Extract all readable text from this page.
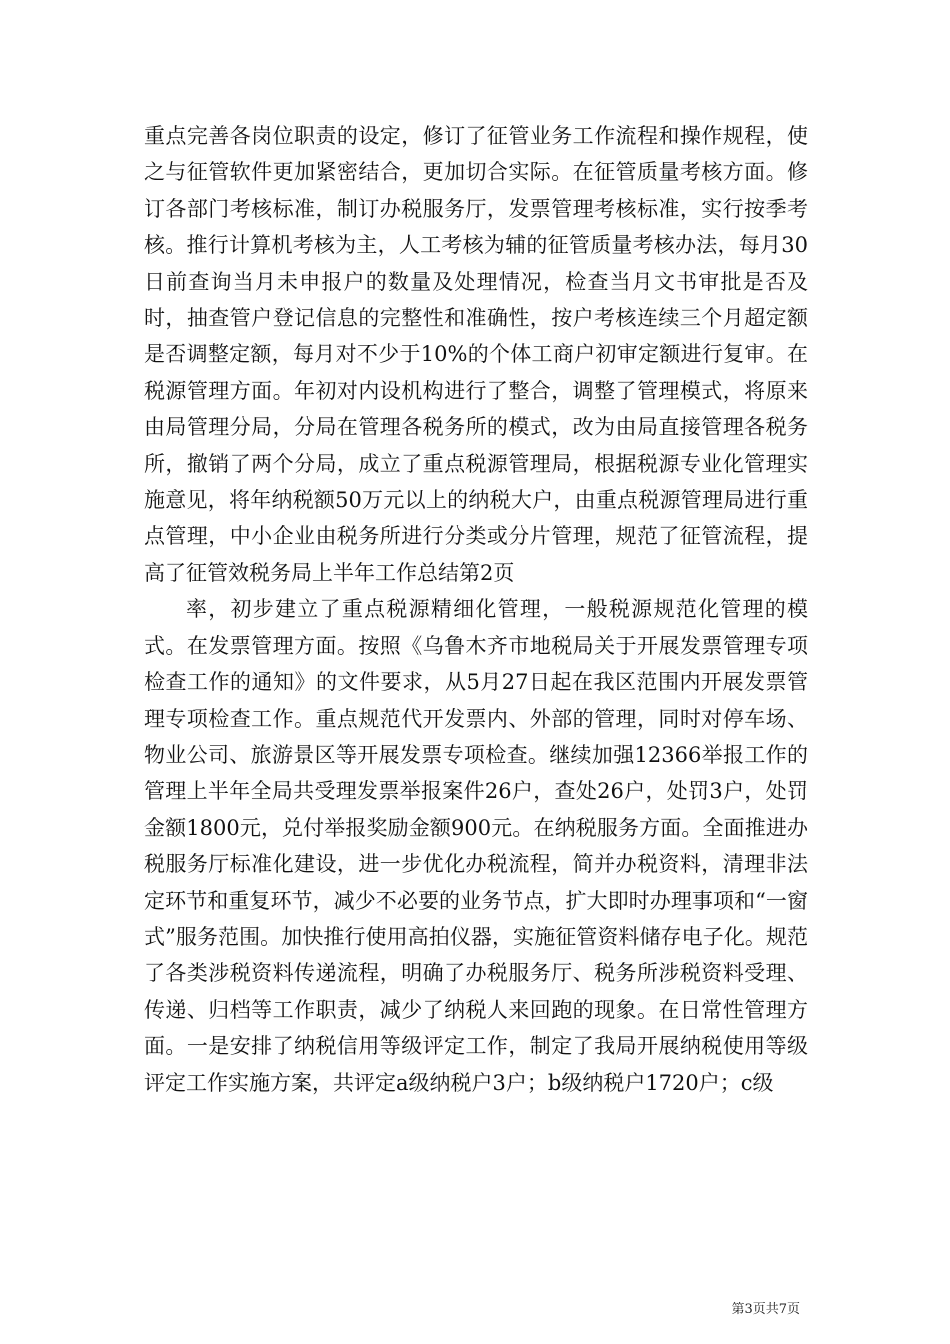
重点完善各岗位职责的设定，修订了征管业务工作流程和操作规程，使之与征管软件更加紧密结合，更加切合实际。在征管质量考核方面。修订各部门考核标准，制订办税服务厅，发票管理考核标准，实行按季考核。推行计算机考核为主，人工考核为辅的征管质量考核办法，每月30日前查询当月未申报户的数量及处理情况，检查当月文书审批是否及时，抽查管户登记信息的完整性和准确性，按户考核连续三个月超定额是否调整定额，每月对不少于10%的个体工商户初审定额进行复审。在税源管理方面。年初对内设机构进行了整合，调整了管理模式，将原来由局管理分局，分局在管理各税务所的模式，改为由局直接管理各税务所，撤销了两个分局，成立了重点税源管理局，根据税源专业化管理实施意见，将年纳税额50万元以上的纳税大户，由重点税源管理局进行重点管理，中小企业由税务所进行分类或分片管理，规范了征管流程，提高了征管效税务局上半年工作总结第2页

率，初步建立了重点税源精细化管理，一般税源规范化管理的模式。在发票管理方面。按照《乌鲁木齐市地税局关于开展发票管理专项检查工作的通知》的文件要求，从5月27日起在我区范围内开展发票管理专项检查工作。重点规范代开发票内、外部的管理，同时对停车场、物业公司、旅游景区等开展发票专项检查。继续加强12366举报工作的管理上半年全局共受理发票举报案件26户，查处26户，处罚3户，处罚金额1800元，兑付举报奖励金额900元。在纳税服务方面。全面推进办税服务厅标准化建设，进一步优化办税流程，简并办税资料，清理非法定环节和重复环节，减少不必要的业务节点，扩大即时办理事项和“一窗式”服务范围。加快推行使用高拍仪器，实施征管资料储存电子化。规范了各类涉税资料传递流程，明确了办税服务厅、税务所涉税资料受理、传递、归档等工作职责，减少了纳税人来回跑的现象。在日常性管理方面。一是安排了纳税信用等级评定工作，制定了我局开展纳税使用等级评定工作实施方案，共评定a级纳税户3户；b级纳税户1720户；c级

第3页共7页
